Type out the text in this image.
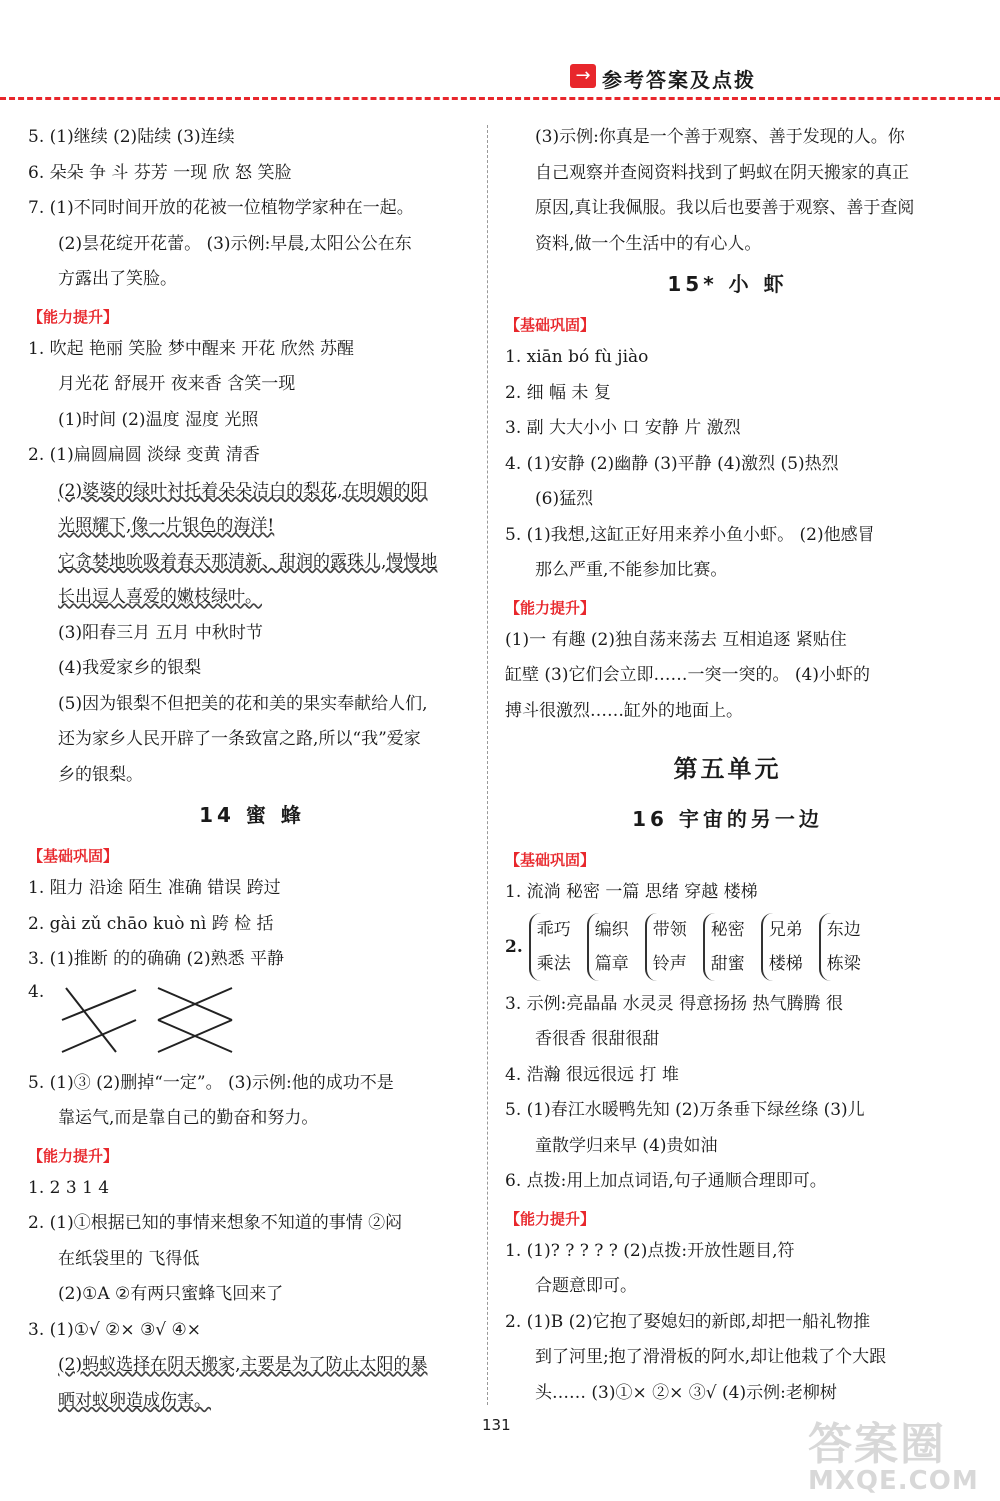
→ 参考答案及点拨
5. (1)继续 (2)陆续 (3)连续
6. 朵朵 争 斗 芬芳 一现 欣 怒 笑脸
7. (1)不同时间开放的花被一位植物学家种在一起。
(2)昙花绽开花蕾。 (3)示例:早晨,太阳公公在东
方露出了笑脸。
【能力提升】
1. 吹起 艳丽 笑脸 梦中醒来 开花 欣然 苏醒
月光花 舒展开 夜来香 含笑一现
(1)时间 (2)温度 湿度 光照
2. (1)扁圆扁圆 淡绿 变黄 清香
(2)婆婆的绿叶衬托着朵朵洁白的梨花,在明媚的阳
光照耀下,像一片银色的海洋!
它贪婪地吮吸着春天那清新、甜润的露珠儿,慢慢地
长出逗人喜爱的嫩枝绿叶。
(3)阳春三月 五月 中秋时节
(4)我爱家乡的银梨
(5)因为银梨不但把美的花和美的果实奉献给人们,
还为家乡人民开辟了一条致富之路,所以“我”爱家
乡的银梨。
14 蜜 蜂
【基础巩固】
1. 阻力 沿途 陌生 准确 错误 跨过
2. gài zǔ chāo kuò nì 跨 检 括
3. (1)推断 的的确确 (2)熟悉 平静
4.
5. (1)③ (2)删掉“一定”。 (3)示例:他的成功不是
靠运气,而是靠自己的勤奋和努力。
【能力提升】
1. 2 3 1 4
2. (1)①根据已知的事情来想象不知道的事情 ②闷
在纸袋里的 飞得低
(2)①A ②有两只蜜蜂飞回来了
3. (1)①√ ②× ③√ ④×
(2)蚂蚁选择在阴天搬家,主要是为了防止太阳的暴
晒对蚁卵造成伤害。
(3)示例:你真是一个善于观察、善于发现的人。你
自己观察并查阅资料找到了蚂蚁在阴天搬家的真正
原因,真让我佩服。我以后也要善于观察、善于查阅
资料,做一个生活中的有心人。
15* 小 虾
【基础巩固】
1. xiān bó fù jiào
2. 细 幅 未 复
3. 副 大大小小 口 安静 片 激烈
4. (1)安静 (2)幽静 (3)平静 (4)激烈 (5)热烈
(6)猛烈
5. (1)我想,这缸正好用来养小鱼小虾。 (2)他感冒
那么严重,不能参加比赛。
【能力提升】
(1)一 有趣 (2)独自荡来荡去 互相追逐 紧贴住
缸壁 (3)它们会立即……一突一突的。 (4)小虾的
搏斗很激烈……缸外的地面上。
第五单元
16 宇宙的另一边
【基础巩固】
1. 流淌 秘密 一篇 思绪 穿越 楼梯
2.
乖巧
乘法
编织
篇章
带领
铃声
秘密
甜蜜
兄弟
楼梯
东边
栋梁
3. 示例:亮晶晶 水灵灵 得意扬扬 热气腾腾 很
香很香 很甜很甜
4. 浩瀚 很远很远 打 堆
5. (1)春江水暖鸭先知 (2)万条垂下绿丝绦 (3)儿
童散学归来早 (4)贵如油
6. 点拨:用上加点词语,句子通顺合理即可。
【能力提升】
1. (1)? ? ? ? ? (2)点拨:开放性题目,符
合题意即可。
2. (1)B (2)它抱了娶媳妇的新郎,却把一船礼物推
到了河里;抱了滑滑板的阿水,却让他栽了个大跟
头…… (3)①× ②× ③√ (4)示例:老柳树
131	答案圈
MXQE.COM
